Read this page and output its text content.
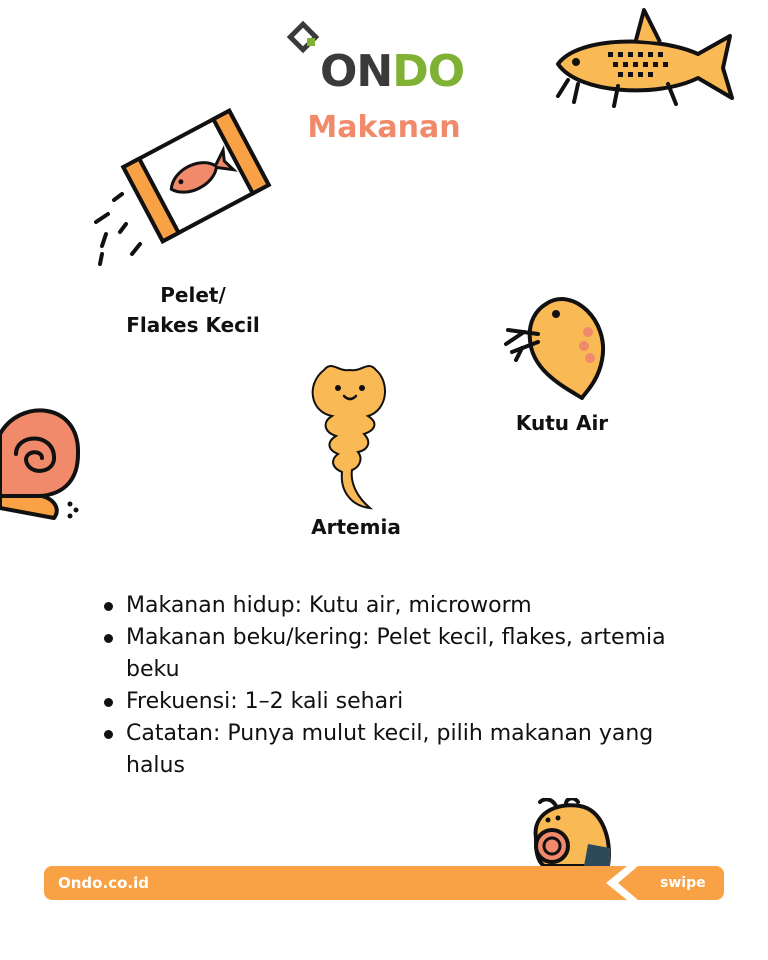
ONDO
Makanan
Pelet/
Flakes Kecil
Kutu Air
Artemia
Makanan hidup: Kutu air, microworm
Makanan beku/kering: Pelet kecil, flakes, artemia beku
Frekuensi: 1–2 kali sehari
Catatan: Punya mulut kecil, pilih makanan yang halus
Ondo.co.id	swipe
